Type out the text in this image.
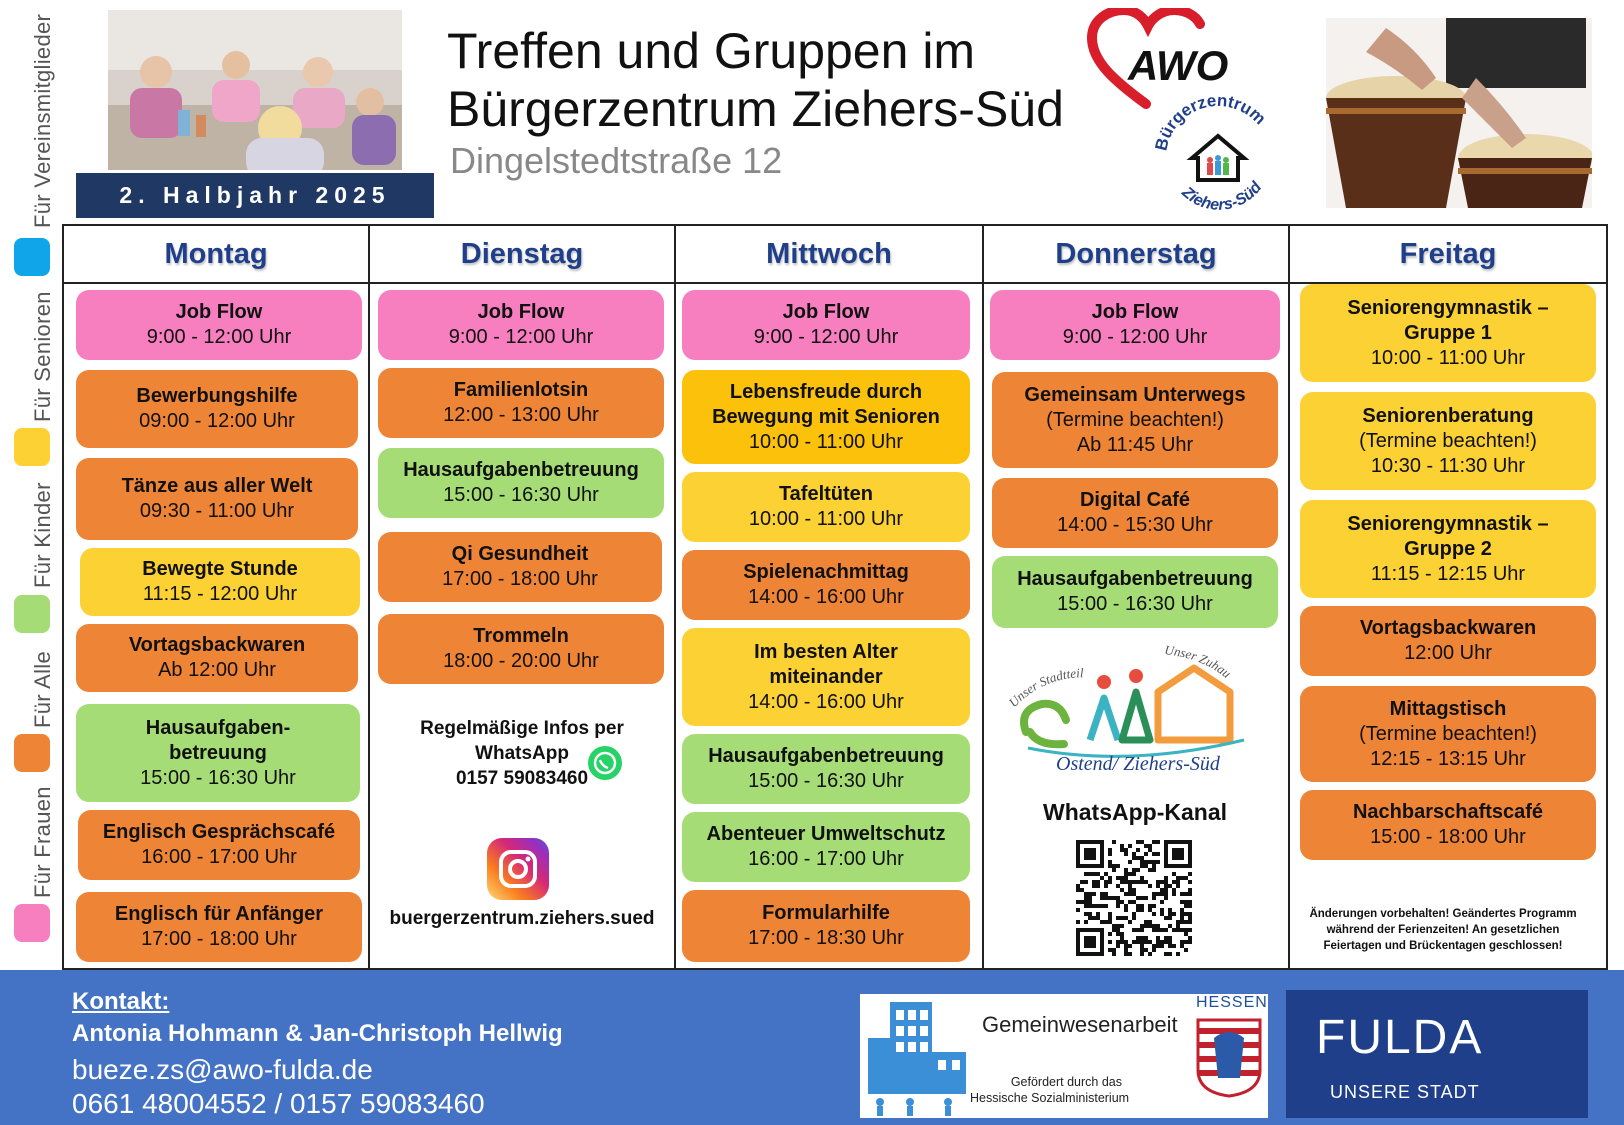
Für Vereinsmitglieder
Für Senioren
Für Kinder
Für Alle
Für Frauen
2. Halbjahr 2025
Treffen und Gruppen im
Bürgerzentrum Ziehers-Süd
Dingelstedtstraße 12
AWO
Bürgerzentrum
Ziehers-Süd
Montag
Job Flow
9:00 - 12:00 Uhr
Bewerbungshilfe
09:00 - 12:00 Uhr
Tänze aus aller Welt
09:30 - 11:00 Uhr
Bewegte Stunde
11:15 - 12:00 Uhr
Vortagsbackwaren
Ab 12:00 Uhr
Hausaufgaben-
betreuung
15:00 - 16:30 Uhr
Englisch Gesprächscafé
16:00 - 17:00 Uhr
Englisch für Anfänger
17:00 - 18:00 Uhr
Dienstag
Job Flow
9:00 - 12:00 Uhr
Familienlotsin
12:00 - 13:00 Uhr
Hausaufgabenbetreuung
15:00 - 16:30 Uhr
Qi Gesundheit
17:00 - 18:00 Uhr
Trommeln
18:00 - 20:00 Uhr
Regelmäßige Infos per
WhatsApp
0157 59083460
buergerzentrum.ziehers.sued
Mittwoch
Job Flow
9:00 - 12:00 Uhr
Lebensfreude durch
Bewegung mit Senioren
10:00 - 11:00 Uhr
Tafeltüten
10:00 - 11:00 Uhr
Spielenachmittag
14:00 - 16:00 Uhr
Im besten Alter
miteinander
14:00 - 16:00 Uhr
Hausaufgabenbetreuung
15:00 - 16:30 Uhr
Abenteuer Umweltschutz
16:00 - 17:00 Uhr
Formularhilfe
17:00 - 18:30 Uhr
Donnerstag
Job Flow
9:00 - 12:00 Uhr
Gemeinsam Unterwegs
(Termine beachten!)
Ab 11:45 Uhr
Digital Café
14:00 - 15:30 Uhr
Hausaufgabenbetreuung
15:00 - 16:30 Uhr
nser Stadtteil
Unser Zuhau
Ostend/ Ziehers-Süd
WhatsApp-Kanal
Freitag
Seniorengymnastik –
Gruppe 1
10:00 - 11:00 Uhr
Seniorenberatung
(Termine beachten!)
10:30 - 11:30 Uhr
Seniorengymnastik –
Gruppe 2
11:15 - 12:15 Uhr
Vortagsbackwaren
12:00 Uhr
Mittagstisch
(Termine beachten!)
12:15 - 13:15 Uhr
Nachbarschaftscafé
15:00 - 18:00 Uhr
Änderungen vorbehalten! Geändertes Programm während der Ferienzeiten! An gesetzlichen Feiertagen und Brückentagen geschlossen!
Kontakt:
Antonia Hohmann & Jan-Christoph Hellwig
bueze.zs@awo-fulda.de
0661 48004552 / 0157 59083460
Gemeinwesenarbeit
Gefördert durch das
Hessische Sozialministerium
HESSEN
FULDA
UNSERE STADT
